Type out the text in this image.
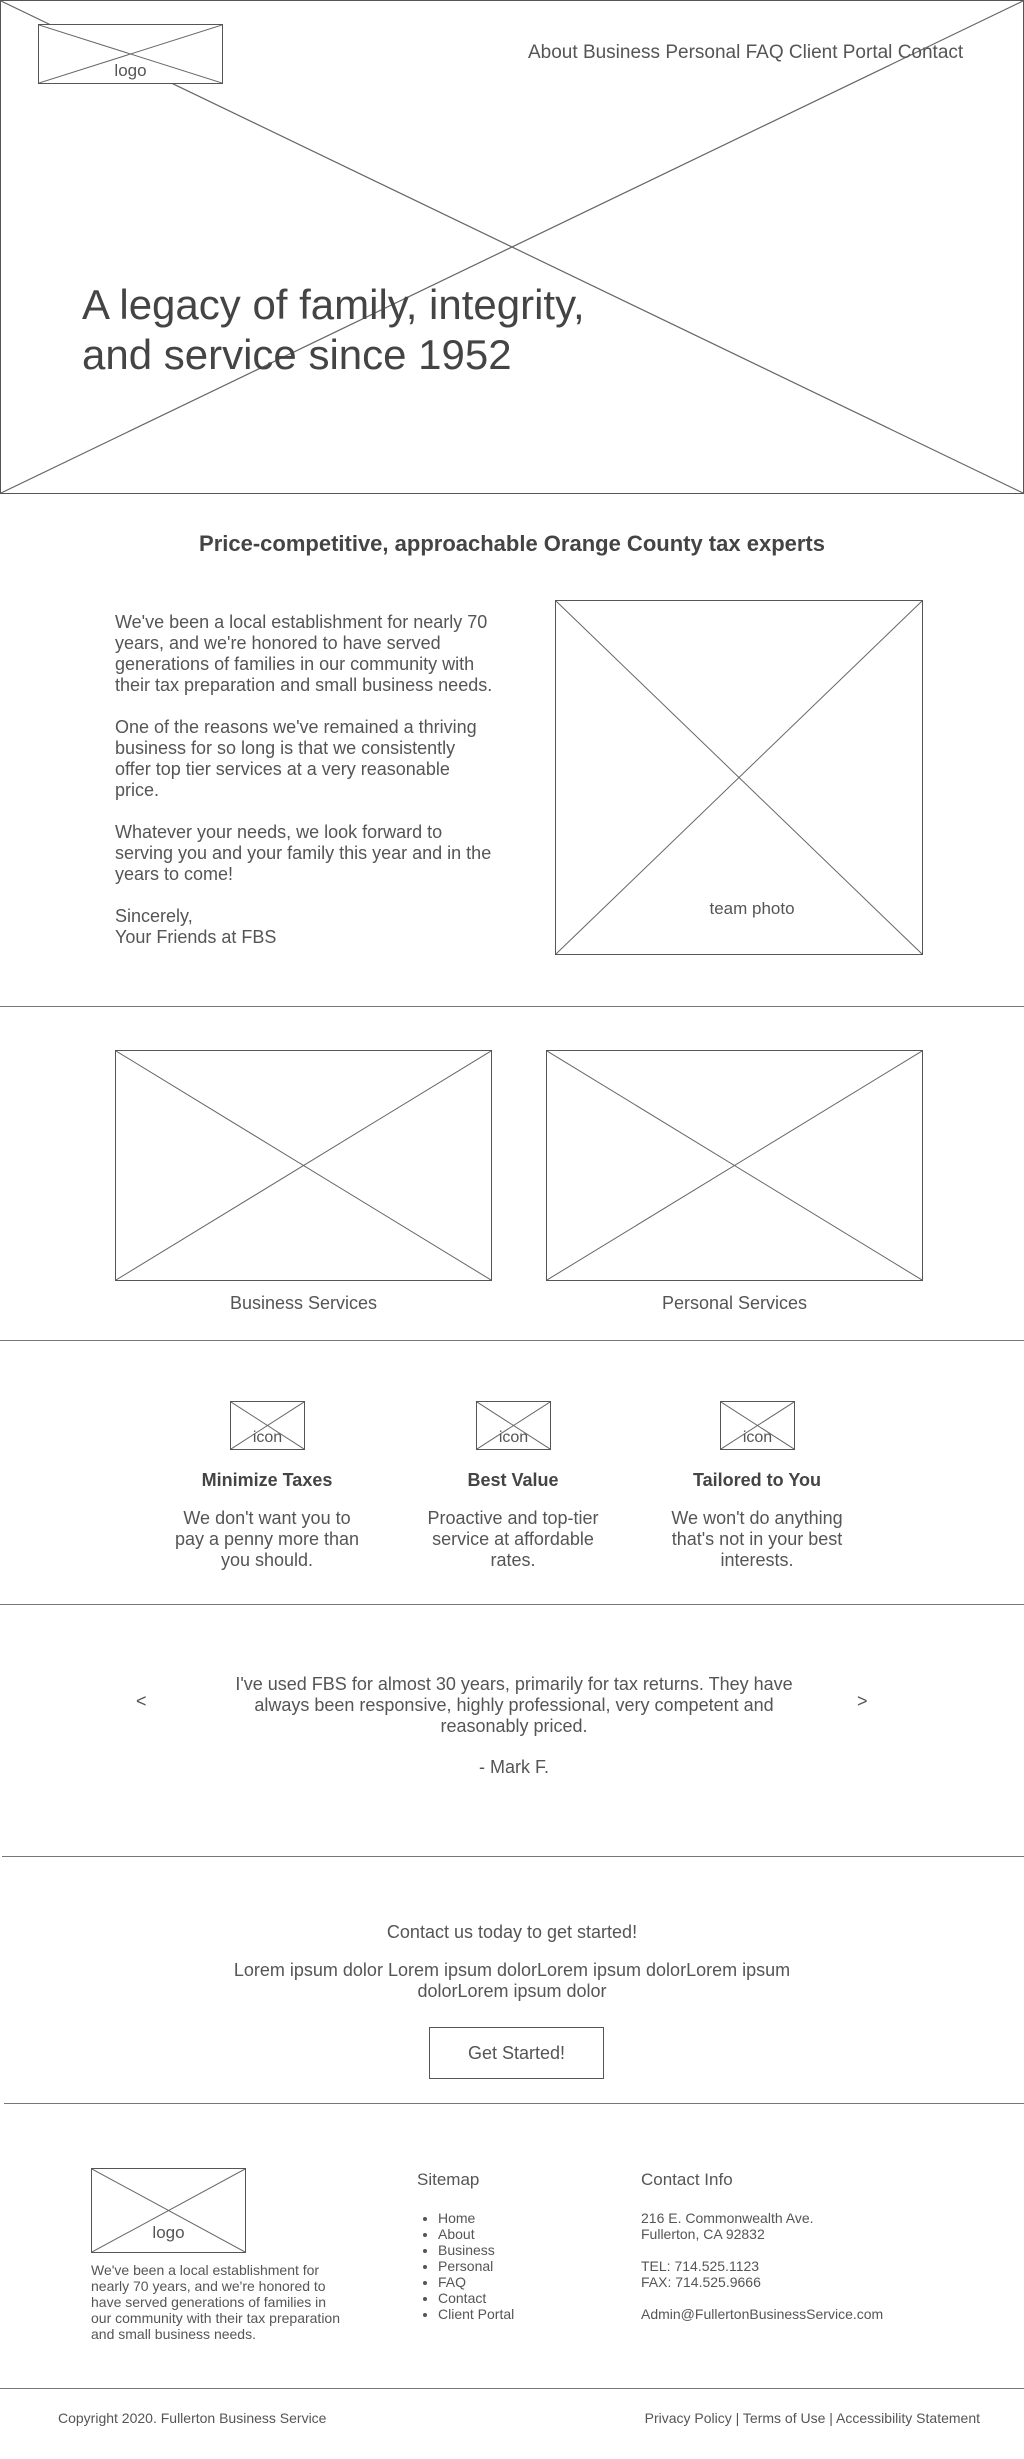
logo
About Business Personal FAQ Client Portal Contact
A legacy of family, integrity,
and service since 1952
Price-competitive, approachable Orange County tax experts

We've been a local establishment for nearly 70 years, and we're honored to have served generations of families in our community with their tax preparation and small business needs.

One of the reasons we've remained a thriving business for so long is that we consistently offer top tier services at a very reasonable price.

Whatever your needs, we look forward to serving you and your family this year and in the years to come!

Sincerely,
Your Friends at FBS
team photo
Business Services	Personal Services
icon
Minimize Taxes
We don't want you to pay a penny more than you should.
icon
Best Value
Proactive and top-tier service at affordable rates.
icon
Tailored to You
We won't do anything that's not in your best interests.
<
I've used FBS for almost 30 years, primarily for tax returns. They have always been responsive, highly professional, very competent and reasonably priced.
- Mark F.
>
Contact us today to get started!
Lorem ipsum dolor Lorem ipsum dolorLorem ipsum dolorLorem ipsum dolorLorem ipsum dolor
Get Started!
logo
We've been a local establishment for nearly 70 years, and we're honored to have served generations of families in our community with their tax preparation and small business needs.
Sitemap
• Home
• About
• Business
• Personal
• FAQ
• Contact
• Client Portal
Contact Info
216 E. Commonwealth Ave.
Fullerton, CA 92832
TEL: 714.525.1123
FAX: 714.525.9666
Admin@FullertonBusinessService.com
Copyright 2020. Fullerton Business Service	Privacy Policy | Terms of Use | Accessibility Statement
